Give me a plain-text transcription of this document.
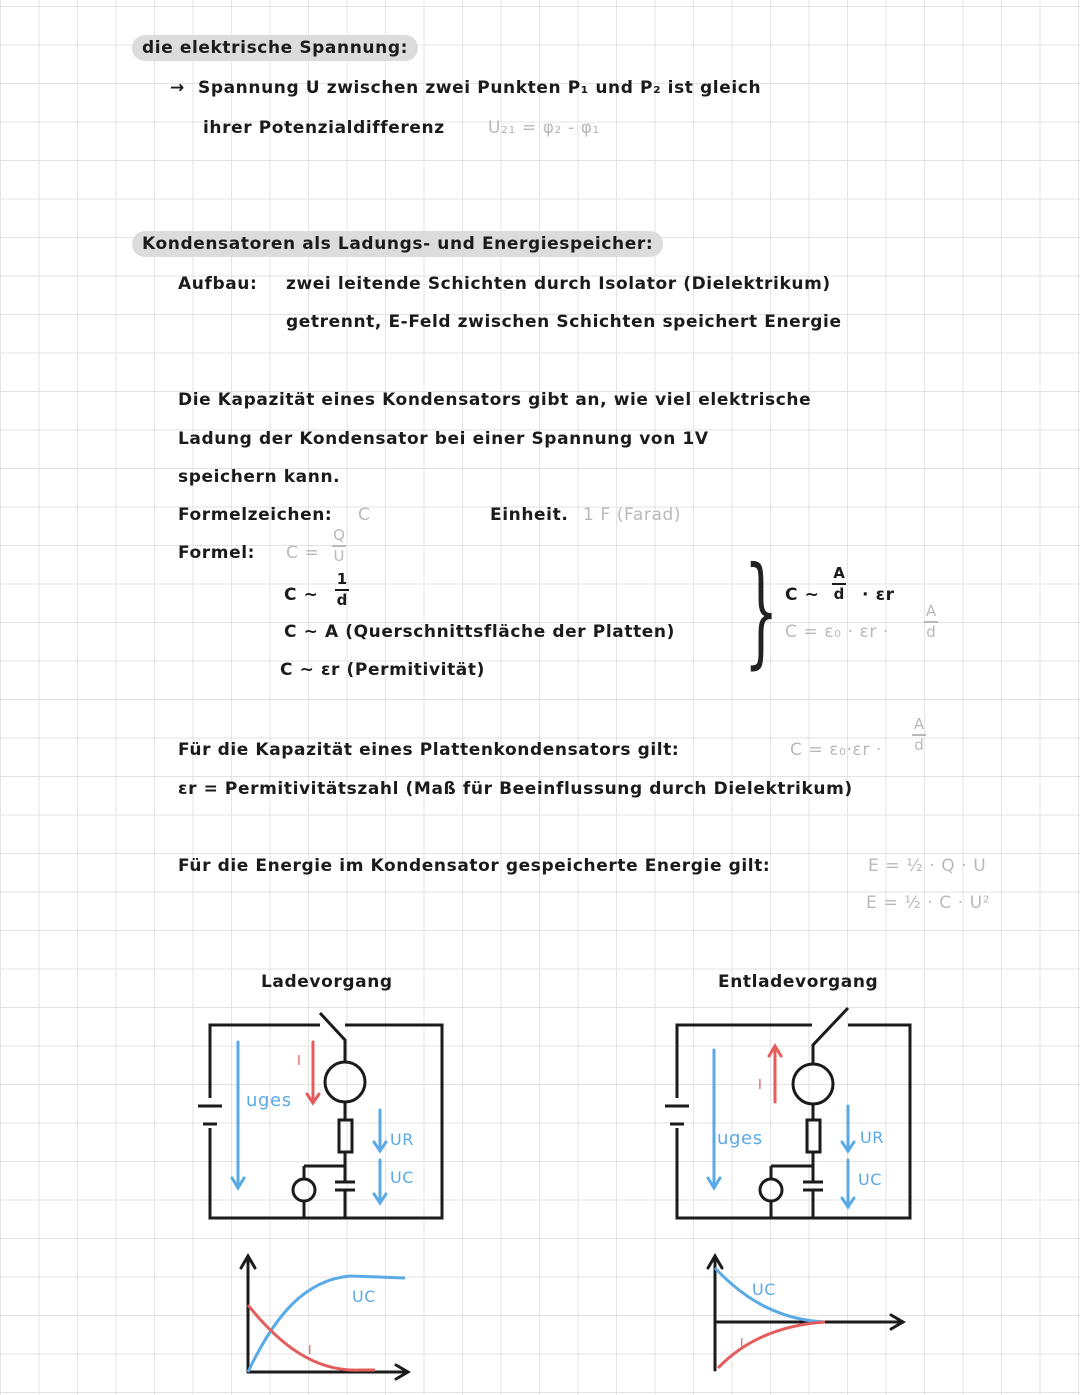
die elektrische Spannung:
→ Spannung U zwischen zwei Punkten P₁ und P₂ ist gleich
ihrer Potenzialdifferenz	U₂₁ = φ₂ - φ₁
Kondensatoren als Ladungs- und Energiespeicher:
Aufbau: zwei leitende Schichten durch Isolator (Dielektrikum)
getrennt, E-Feld zwischen Schichten speichert Energie
Die Kapazität eines Kondensators gibt an, wie viel elektrische
Ladung der Kondensator bei einer Spannung von 1V
speichern kann.
Formelzeichen: C	Einheit. 1 F (Farad)
Formel: C =
Q
U
C ~
1
d
C ~ A (Querschnittsfläche der Platten)
C ~ εr (Permitivität) } C ~
A
d · εr
C = ε₀ · εr ·
A
d
Für die Kapazität eines Plattenkondensators gilt:	C = ε₀·εr ·
A
d
εr = Permitivitätszahl (Maß für Beeinflussung durch Dielektrikum)
Für die Energie im Kondensator gespeicherte Energie gilt:	E = ½ · Q · U
E = ½ · C · U²
Ladevorgang	Entladevorgang
uges
I
UR
UC
uges
I
UR
UC
UC
I
UC
I
